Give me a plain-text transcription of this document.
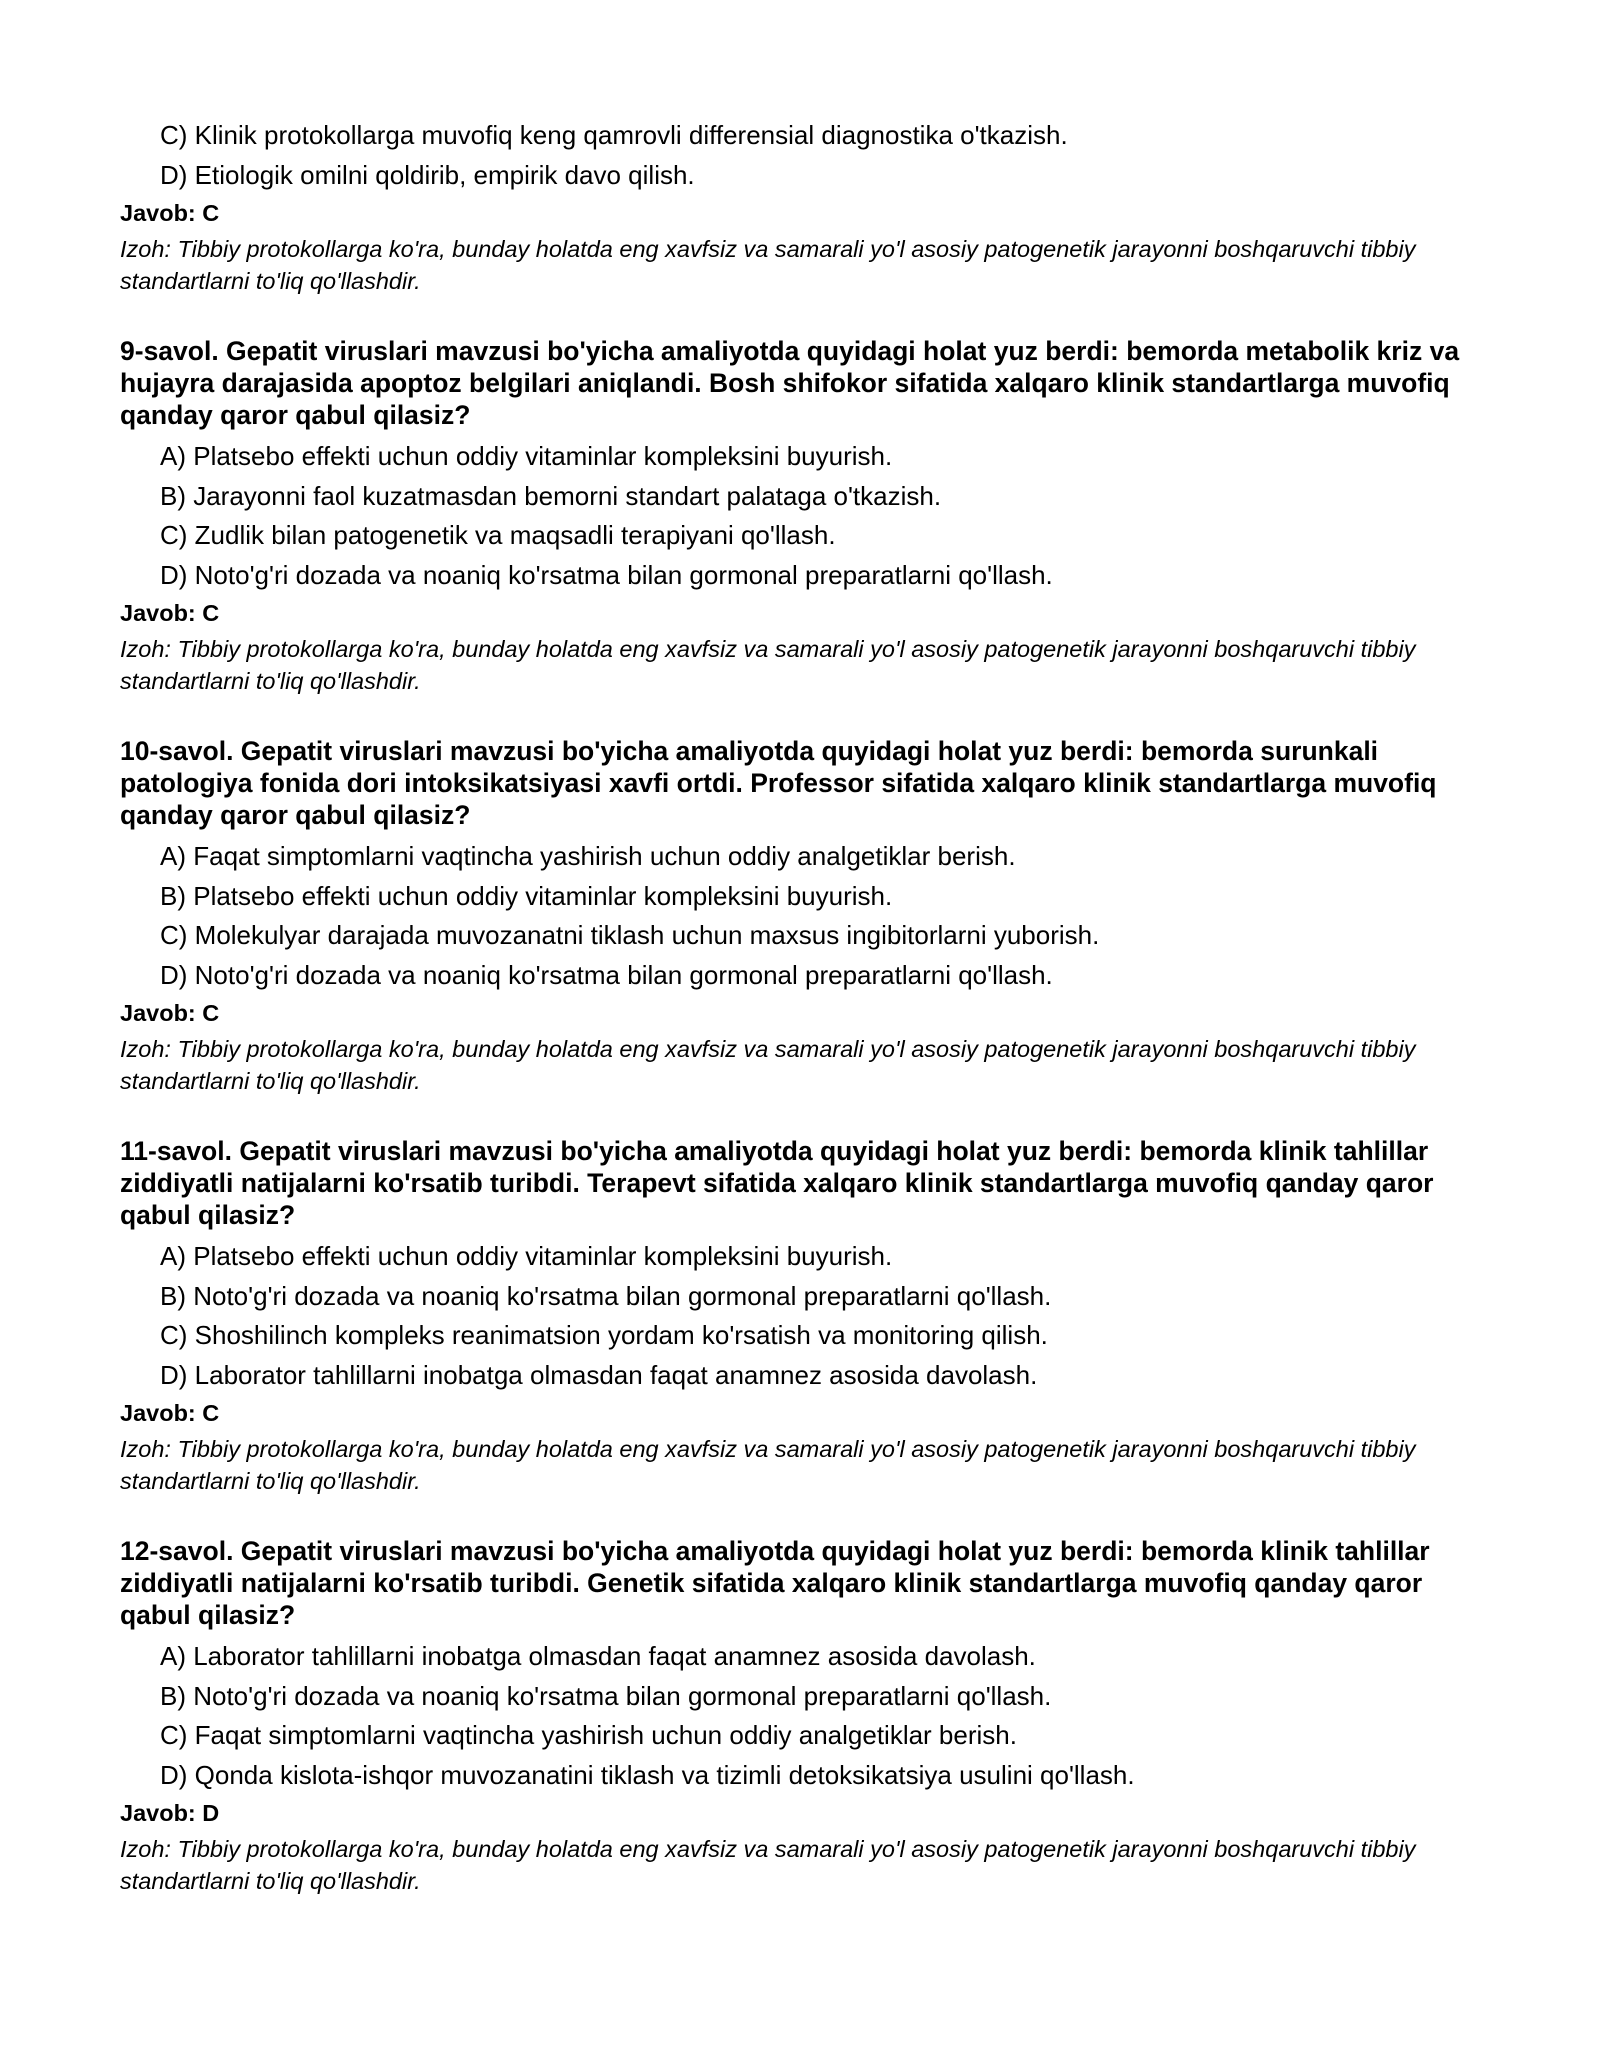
C) Klinik protokollarga muvofiq keng qamrovli differensial diagnostika o'tkazish.
D) Etiologik omilni qoldirib, empirik davo qilish.
Javob: C

Izoh: Tibbiy protokollarga ko'ra, bunday holatda eng xavfsiz va samarali yo'l asosiy patogenetik jarayonni boshqaruvchi tibbiy standartlarni to'liq qo'llashdir.

9-savol. Gepatit viruslari mavzusi bo'yicha amaliyotda quyidagi holat yuz berdi: bemorda metabolik kriz va hujayra darajasida apoptoz belgilari aniqlandi. Bosh shifokor sifatida xalqaro klinik standartlarga muvofiq qanday qaror qabul qilasiz?
A) Platsebo effekti uchun oddiy vitaminlar kompleksini buyurish.
B) Jarayonni faol kuzatmasdan bemorni standart palataga o'tkazish.
C) Zudlik bilan patogenetik va maqsadli terapiyani qo'llash.
D) Noto'g'ri dozada va noaniq ko'rsatma bilan gormonal preparatlarni qo'llash.
Javob: C

Izoh: Tibbiy protokollarga ko'ra, bunday holatda eng xavfsiz va samarali yo'l asosiy patogenetik jarayonni boshqaruvchi tibbiy standartlarni to'liq qo'llashdir.

10-savol. Gepatit viruslari mavzusi bo'yicha amaliyotda quyidagi holat yuz berdi: bemorda surunkali patologiya fonida dori intoksikatsiyasi xavfi ortdi. Professor sifatida xalqaro klinik standartlarga muvofiq qanday qaror qabul qilasiz?
A) Faqat simptomlarni vaqtincha yashirish uchun oddiy analgetiklar berish.
B) Platsebo effekti uchun oddiy vitaminlar kompleksini buyurish.
C) Molekulyar darajada muvozanatni tiklash uchun maxsus ingibitorlarni yuborish.
D) Noto'g'ri dozada va noaniq ko'rsatma bilan gormonal preparatlarni qo'llash.
Javob: C

Izoh: Tibbiy protokollarga ko'ra, bunday holatda eng xavfsiz va samarali yo'l asosiy patogenetik jarayonni boshqaruvchi tibbiy standartlarni to'liq qo'llashdir.

11-savol. Gepatit viruslari mavzusi bo'yicha amaliyotda quyidagi holat yuz berdi: bemorda klinik tahlillar ziddiyatli natijalarni ko'rsatib turibdi. Terapevt sifatida xalqaro klinik standartlarga muvofiq qanday qaror qabul qilasiz?
A) Platsebo effekti uchun oddiy vitaminlar kompleksini buyurish.
B) Noto'g'ri dozada va noaniq ko'rsatma bilan gormonal preparatlarni qo'llash.
C) Shoshilinch kompleks reanimatsion yordam ko'rsatish va monitoring qilish.
D) Laborator tahlillarni inobatga olmasdan faqat anamnez asosida davolash.
Javob: C

Izoh: Tibbiy protokollarga ko'ra, bunday holatda eng xavfsiz va samarali yo'l asosiy patogenetik jarayonni boshqaruvchi tibbiy standartlarni to'liq qo'llashdir.

12-savol. Gepatit viruslari mavzusi bo'yicha amaliyotda quyidagi holat yuz berdi: bemorda klinik tahlillar ziddiyatli natijalarni ko'rsatib turibdi. Genetik sifatida xalqaro klinik standartlarga muvofiq qanday qaror qabul qilasiz?
A) Laborator tahlillarni inobatga olmasdan faqat anamnez asosida davolash.
B) Noto'g'ri dozada va noaniq ko'rsatma bilan gormonal preparatlarni qo'llash.
C) Faqat simptomlarni vaqtincha yashirish uchun oddiy analgetiklar berish.
D) Qonda kislota-ishqor muvozanatini tiklash va tizimli detoksikatsiya usulini qo'llash.
Javob: D

Izoh: Tibbiy protokollarga ko'ra, bunday holatda eng xavfsiz va samarali yo'l asosiy patogenetik jarayonni boshqaruvchi tibbiy standartlarni to'liq qo'llashdir.
